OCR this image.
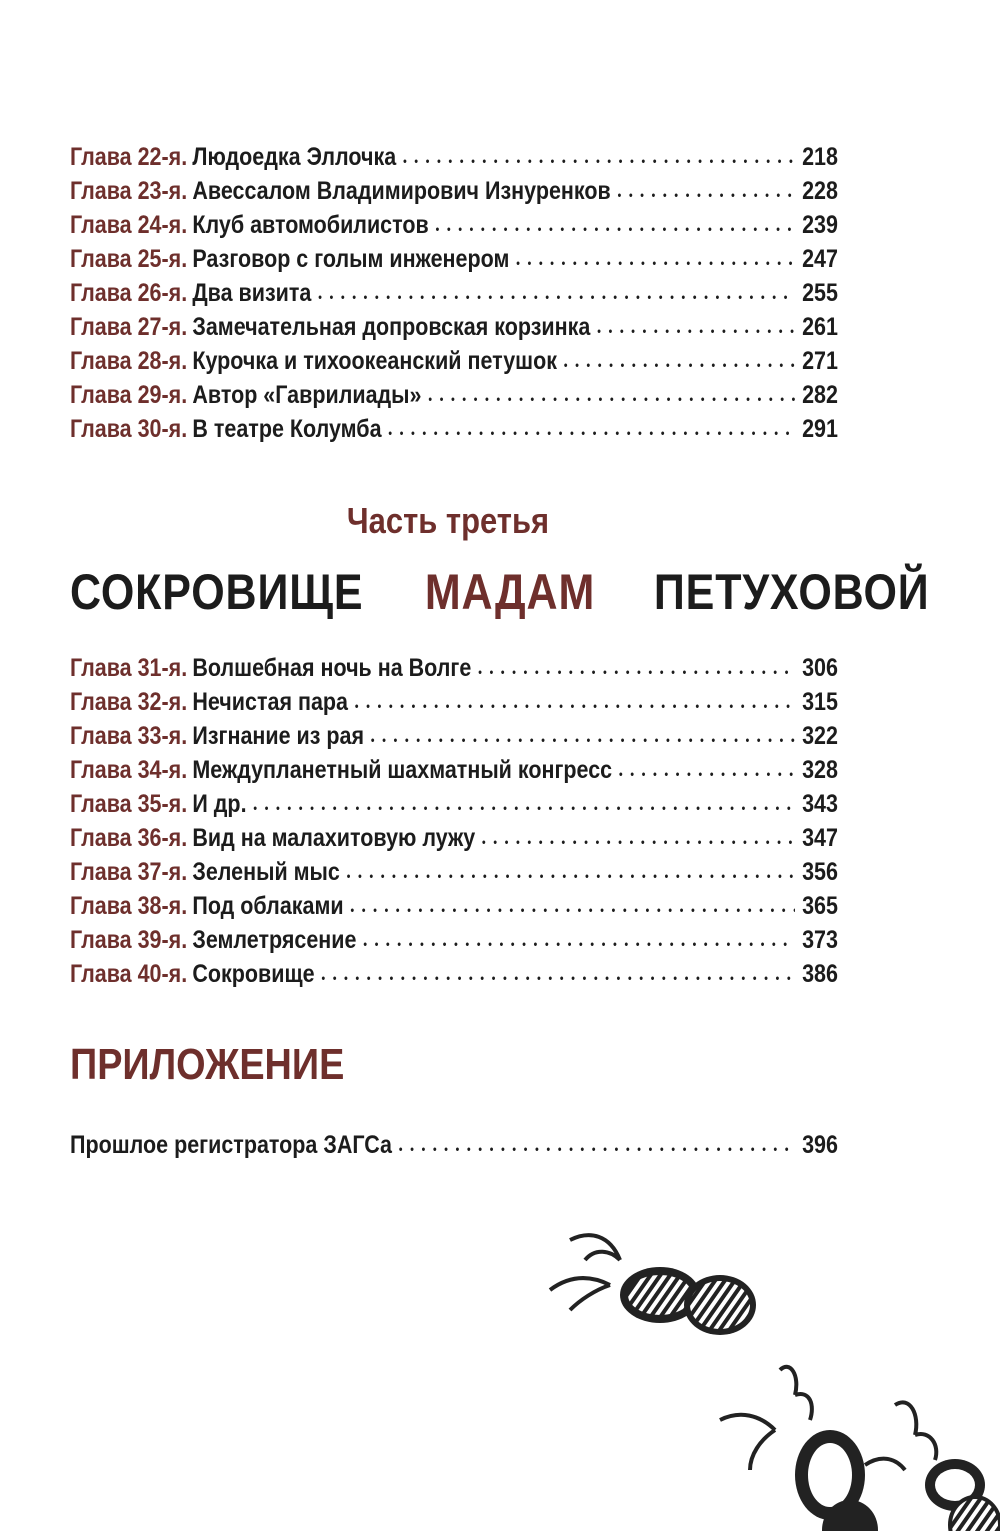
Глава 22-я. Людоедка Эллочка •••••	218
Глава 23-я. Авессалом Владимирович Изнуренков •••••	228
Глава 24-я. Клуб автомобилистов •••••	239
Глава 25-я. Разговор с голым инженером •••••	247
Глава 26-я. Два визита •••••	255
Глава 27-я. Замечательная допровская корзинка •••••	261
Глава 28-я. Курочка и тихоокеанский петушок •••••	271
Глава 29-я. Автор «Гаврилиады» •••••	282
Глава 30-я. В театре Колумба •••••	291
Часть третья
СОКРОВИЩЕ МАДАМ ПЕТУХОВОЙ
Глава 31-я. Волшебная ночь на Волге •••••	306
Глава 32-я. Нечистая пара •••••	315
Глава 33-я. Изгнание из рая •••••	322
Глава 34-я. Междупланетный шахматный конгресс •••••	328
Глава 35-я. И др. •••••	343
Глава 36-я. Вид на малахитовую лужу •••••	347
Глава 37-я. Зеленый мыс •••••	356
Глава 38-я. Под облаками •••••	365
Глава 39-я. Землетрясение •••••	373
Глава 40-я. Сокровище •••••	386
ПРИЛОЖЕНИЕ
Прошлое регистратора ЗАГСа •••••	396
